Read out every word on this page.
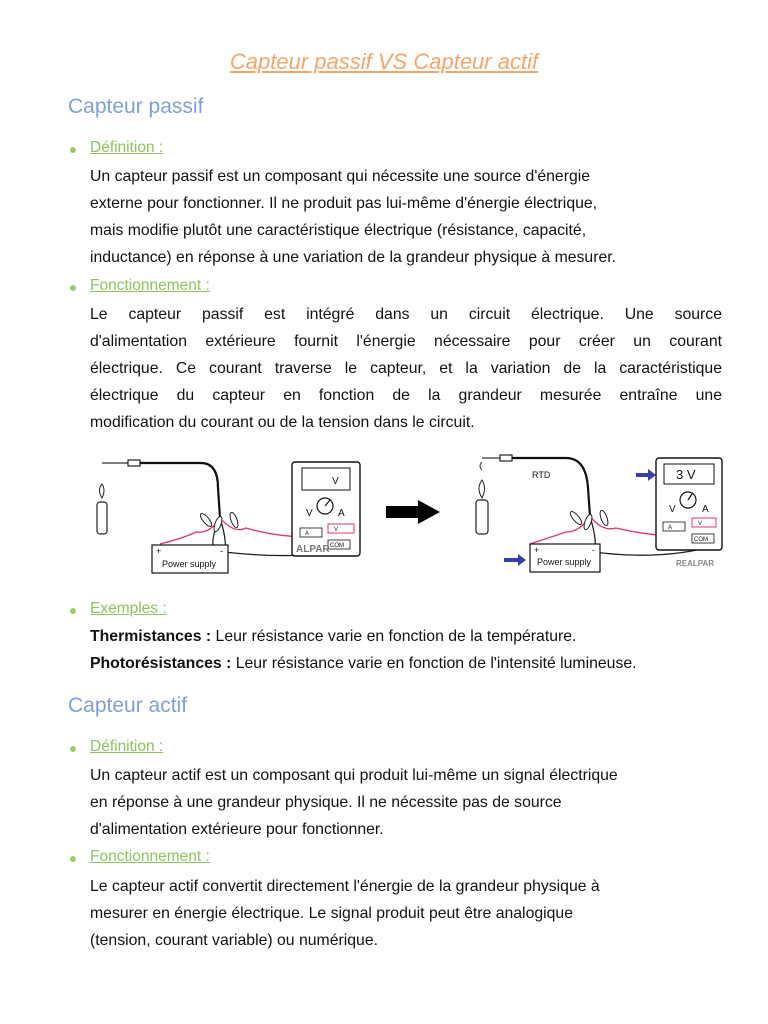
Capteur passif VS Capteur actif
Capteur passif
Définition :
Un capteur passif est un composant qui nécessite une source d'énergie
externe pour fonctionner. Il ne produit pas lui-même d'énergie électrique,
mais modifie plutôt une caractéristique électrique (résistance, capacité,
inductance) en réponse à une variation de la grandeur physique à mesurer.
Fonctionnement :
Le capteur passif est intégré dans un circuit électrique. Une source
d'alimentation extérieure fournit l'énergie nécessaire pour créer un courant
électrique. Ce courant traverse le capteur, et la variation de la caractéristique
électrique du capteur en fonction de la grandeur mesurée entraîne une
modification du courant ou de la tension dans le circuit.
+	-
Power supply
V
V	A
A
V
COM
ALPAR
RTD
+	-
Power supply
3 V
V	A
A
V
COM
REALPAR
Exemples :
Thermistances : Leur résistance varie en fonction de la température.
Photorésistances : Leur résistance varie en fonction de l'intensité lumineuse.
Capteur actif
Définition :
Un capteur actif est un composant qui produit lui-même un signal électrique
en réponse à une grandeur physique. Il ne nécessite pas de source
d'alimentation extérieure pour fonctionner.
Fonctionnement :
Le capteur actif convertit directement l'énergie de la grandeur physique à
mesurer en énergie électrique. Le signal produit peut être analogique
(tension, courant variable) ou numérique.
